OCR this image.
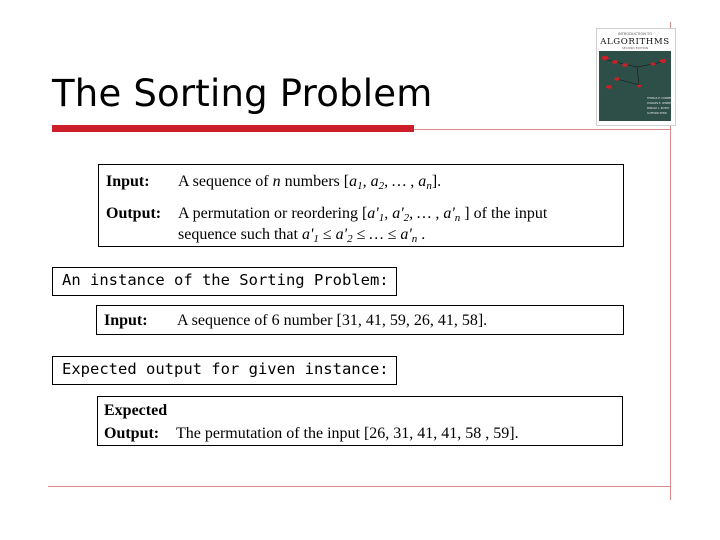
The Sorting Problem
INTRODUCTION TO
ALGORITHMS
SECOND EDITION
THOMAS H. CORMEN
CHARLES E. LEISERSON
RONALD L. RIVEST
CLIFFORD STEIN
Input: A sequence of n numbers [$a_1$, $a_2$, … , $a_n$].
Output: A permutation or reordering [$a'_1$, $a'_2$, … , $a'_n$ ] of the input
sequence such that $a'_1 \le a'_2$ ≤ … ≤ $a'_n$ .
An instance of the Sorting Problem:
Input: A sequence of 6 number [31, 41, 59, 26, 41, 58].
Expected output for given instance:
Expected
Output: The permutation of the input [26, 31, 41, 41, 58 , 59].
